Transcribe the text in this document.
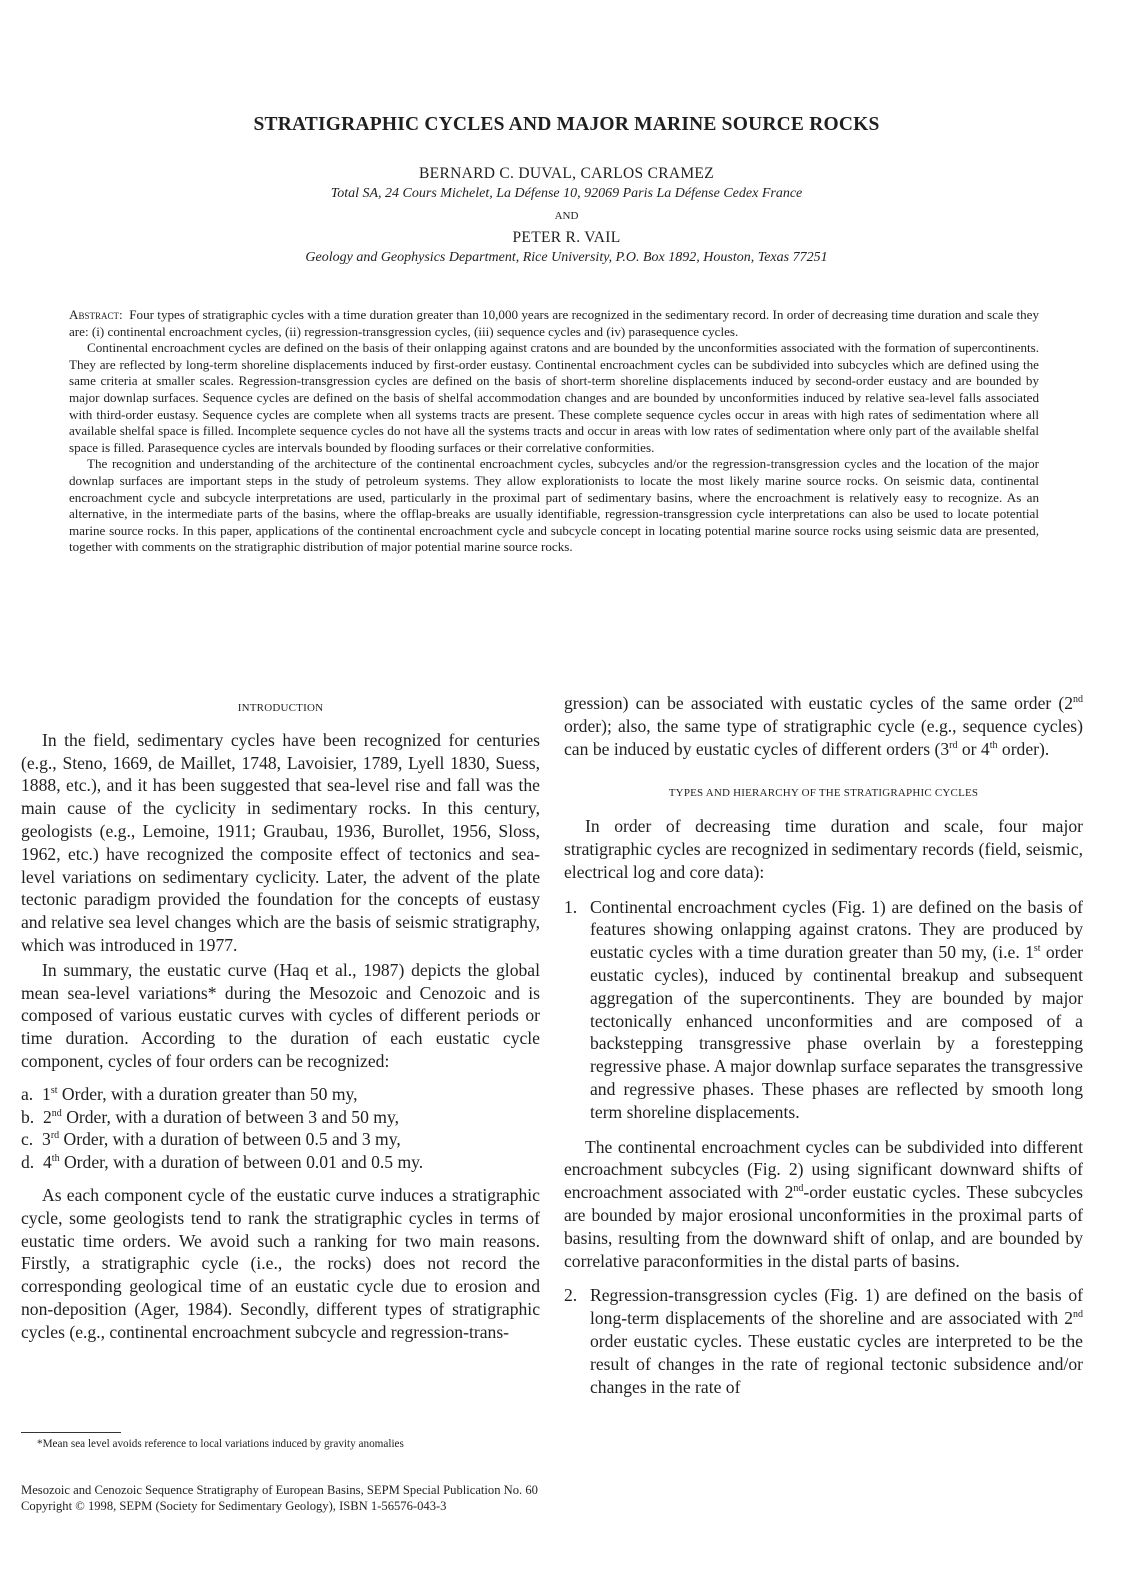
STRATIGRAPHIC CYCLES AND MAJOR MARINE SOURCE ROCKS
BERNARD C. DUVAL, CARLOS CRAMEZ
Total SA, 24 Cours Michelet, La Défense 10, 92069 Paris La Défense Cedex France
AND
PETER R. VAIL
Geology and Geophysics Department, Rice University, P.O. Box 1892, Houston, Texas 77251

Abstract: Four types of stratigraphic cycles with a time duration greater than 10,000 years are recognized in the sedimentary record. In order of decreasing time duration and scale they are: (i) continental encroachment cycles, (ii) regression-transgression cycles, (iii) sequence cycles and (iv) parasequence cycles.

Continental encroachment cycles are defined on the basis of their onlapping against cratons and are bounded by the unconformities associated with the formation of supercontinents. They are reflected by long-term shoreline displacements induced by first-order eustasy. Continental encroachment cycles can be subdivided into subcycles which are defined using the same criteria at smaller scales. Regression-transgression cycles are defined on the basis of short-term shoreline displacements induced by second-order eustacy and are bounded by major downlap surfaces. Sequence cycles are defined on the basis of shelfal accommodation changes and are bounded by unconformities induced by relative sea-level falls associated with third-order eustasy. Sequence cycles are complete when all systems tracts are present. These complete sequence cycles occur in areas with high rates of sedimentation where all available shelfal space is filled. Incomplete sequence cycles do not have all the systems tracts and occur in areas with low rates of sedimentation where only part of the available shelfal space is filled. Parasequence cycles are intervals bounded by flooding surfaces or their correlative conformities.

The recognition and understanding of the architecture of the continental encroachment cycles, subcycles and/or the regression-transgression cycles and the location of the major downlap surfaces are important steps in the study of petroleum systems. They allow explorationists to locate the most likely marine source rocks. On seismic data, continental encroachment cycle and subcycle interpretations are used, particularly in the proximal part of sedimentary basins, where the encroachment is relatively easy to recognize. As an alternative, in the intermediate parts of the basins, where the offlap-breaks are usually identifiable, regression-transgression cycle interpretations can also be used to locate potential marine source rocks. In this paper, applications of the continental encroachment cycle and subcycle concept in locating potential marine source rocks using seismic data are presented, together with comments on the stratigraphic distribution of major potential marine source rocks.

INTRODUCTION

In the field, sedimentary cycles have been recognized for centuries (e.g., Steno, 1669, de Maillet, 1748, Lavoisier, 1789, Lyell 1830, Suess, 1888, etc.), and it has been suggested that sea-level rise and fall was the main cause of the cyclicity in sedimentary rocks. In this century, geologists (e.g., Lemoine, 1911; Graubau, 1936, Burollet, 1956, Sloss, 1962, etc.) have recognized the composite effect of tectonics and sea-level variations on sedimentary cyclicity. Later, the advent of the plate tectonic paradigm provided the foundation for the concepts of eustasy and relative sea level changes which are the basis of seismic stratigraphy, which was introduced in 1977.

In summary, the eustatic curve (Haq et al., 1987) depicts the global mean sea-level variations* during the Mesozoic and Cenozoic and is composed of various eustatic curves with cycles of different periods or time duration. According to the duration of each eustatic cycle component, cycles of four orders can be recognized:

a. 1st Order, with a duration greater than 50 my,
b. 2nd Order, with a duration of between 3 and 50 my,
c. 3rd Order, with a duration of between 0.5 and 3 my,
d. 4th Order, with a duration of between 0.01 and 0.5 my.

As each component cycle of the eustatic curve induces a stratigraphic cycle, some geologists tend to rank the stratigraphic cycles in terms of eustatic time orders. We avoid such a ranking for two main reasons. Firstly, a stratigraphic cycle (i.e., the rocks) does not record the corresponding geological time of an eustatic cycle due to erosion and non-deposition (Ager, 1984). Secondly, different types of stratigraphic cycles (e.g., continental encroachment subcycle and regression-trans-

gression) can be associated with eustatic cycles of the same order (2nd order); also, the same type of stratigraphic cycle (e.g., sequence cycles) can be induced by eustatic cycles of different orders (3rd or 4th order).

TYPES AND HIERARCHY OF THE STRATIGRAPHIC CYCLES

In order of decreasing time duration and scale, four major stratigraphic cycles are recognized in sedimentary records (field, seismic, electrical log and core data):

1. Continental encroachment cycles (Fig. 1) are defined on the basis of features showing onlapping against cratons. They are produced by eustatic cycles with a time duration greater than 50 my, (i.e. 1st order eustatic cycles), induced by continental breakup and subsequent aggregation of the supercontinents. They are bounded by major tectonically enhanced unconformities and are composed of a backstepping transgressive phase overlain by a forestepping regressive phase. A major downlap surface separates the transgressive and regressive phases. These phases are reflected by smooth long term shoreline displacements.

The continental encroachment cycles can be subdivided into different encroachment subcycles (Fig. 2) using significant downward shifts of encroachment associated with 2nd-order eustatic cycles. These subcycles are bounded by major erosional unconformities in the proximal parts of basins, resulting from the downward shift of onlap, and are bounded by correlative paraconformities in the distal parts of basins.

2. Regression-transgression cycles (Fig. 1) are defined on the basis of long-term displacements of the shoreline and are associated with 2nd order eustatic cycles. These eustatic cycles are interpreted to be the result of changes in the rate of regional tectonic subsidence and/or changes in the rate of
*Mean sea level avoids reference to local variations induced by gravity anomalies
Mesozoic and Cenozoic Sequence Stratigraphy of European Basins, SEPM Special Publication No. 60
Copyright © 1998, SEPM (Society for Sedimentary Geology), ISBN 1-56576-043-3
